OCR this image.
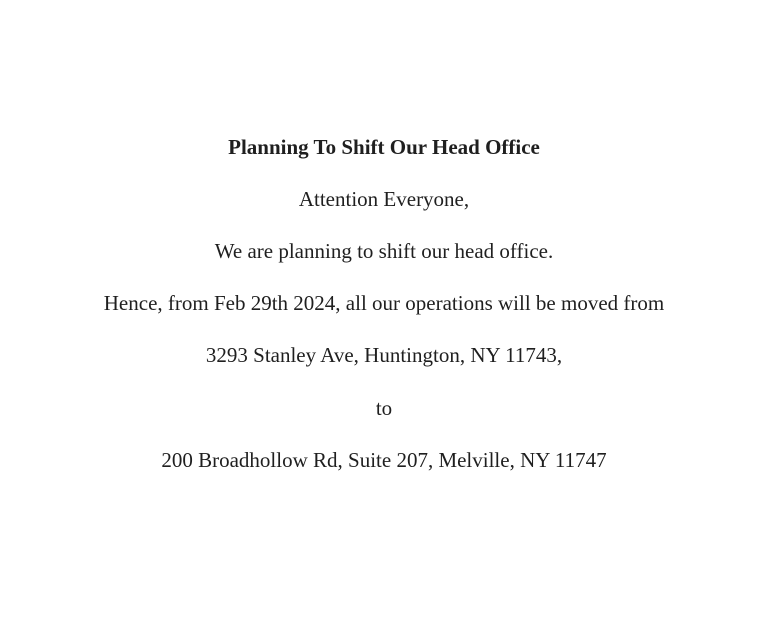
Planning To Shift Our Head Office
Attention Everyone,
We are planning to shift our head office.
Hence, from Feb 29th 2024, all our operations will be moved from
3293 Stanley Ave, Huntington, NY 11743,
to
200 Broadhollow Rd, Suite 207, Melville, NY 11747
